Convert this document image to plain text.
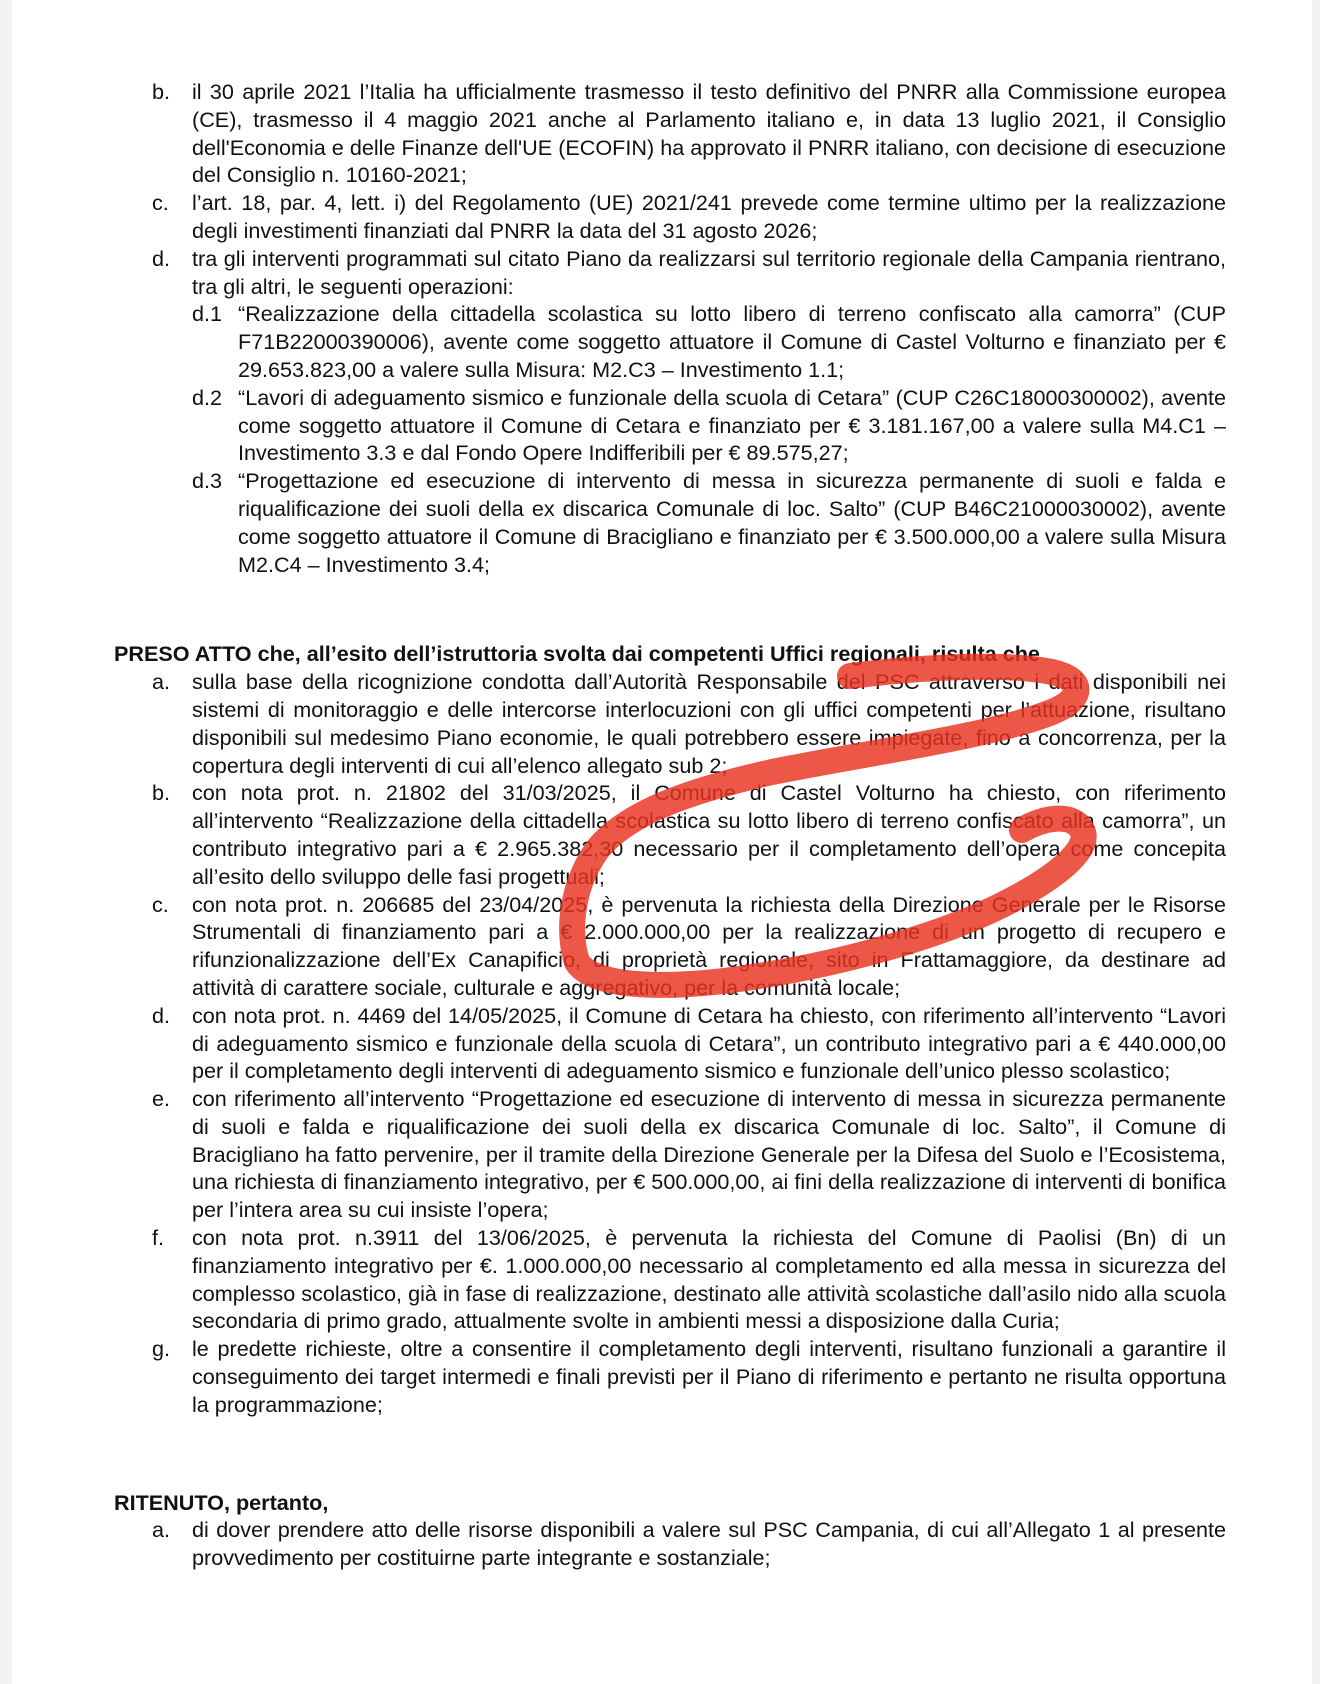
b.	il 30 aprile 2021 l’Italia ha ufficialmente trasmesso il testo definitivo del PNRR alla Commissione europea (CE), trasmesso il 4 maggio 2021 anche al Parlamento italiano e, in data 13 luglio 2021, il Consiglio dell'Economia e delle Finanze dell'UE (ECOFIN) ha approvato il PNRR italiano, con decisione di esecuzione del Consiglio n. 10160-2021;
c.	l’art. 18, par. 4, lett. i) del Regolamento (UE) 2021/241 prevede come termine ultimo per la realizzazione degli investimenti finanziati dal PNRR la data del 31 agosto 2026;
d.	tra gli interventi programmati sul citato Piano da realizzarsi sul territorio regionale della Campania rientrano, tra gli altri, le seguenti operazioni:
d.1 “Realizzazione della cittadella scolastica su lotto libero di terreno confiscato alla camorra” (CUP F71B22000390006), avente come soggetto attuatore il Comune di Castel Volturno e finanziato per € 29.653.823,00 a valere sulla Misura: M2.C3 – Investimento 1.1;
d.2 “Lavori di adeguamento sismico e funzionale della scuola di Cetara” (CUP C26C18000300002), avente come soggetto attuatore il Comune di Cetara e finanziato per € 3.181.167,00 a valere sulla M4.C1 – Investimento 3.3 e dal Fondo Opere Indifferibili per € 89.575,27;
d.3 “Progettazione ed esecuzione di intervento di messa in sicurezza permanente di suoli e falda e riqualificazione dei suoli della ex discarica Comunale di loc. Salto” (CUP B46C21000030002), avente come soggetto attuatore il Comune di Bracigliano e finanziato per € 3.500.000,00 a valere sulla Misura M2.C4 – Investimento 3.4;
PRESO ATTO che, all’esito dell’istruttoria svolta dai competenti Uffici regionali, risulta che
a.	sulla base della ricognizione condotta dall’Autorità Responsabile del PSC attraverso i dati disponibili nei sistemi di monitoraggio e delle intercorse interlocuzioni con gli uffici competenti per l’attuazione, risultano disponibili sul medesimo Piano economie, le quali potrebbero essere impiegate, fino a concorrenza, per la copertura degli interventi di cui all’elenco allegato sub 2;
b.	con nota prot. n. 21802 del 31/03/2025, il Comune di Castel Volturno ha chiesto, con riferimento all’intervento “Realizzazione della cittadella scolastica su lotto libero di terreno confiscato alla camorra”, un contributo integrativo pari a € 2.965.382,30 necessario per il completamento dell’opera come concepita all’esito dello sviluppo delle fasi progettuali;
c.	con nota prot. n. 206685 del 23/04/2025, è pervenuta la richiesta della Direzione Generale per le Risorse Strumentali di finanziamento pari a € 2.000.000,00 per la realizzazione di un progetto di recupero e rifunzionalizzazione dell’Ex Canapificio, di proprietà regionale, sito in Frattamaggiore, da destinare ad attività di carattere sociale, culturale e aggregativo, per la comunità locale;
d.	con nota prot. n. 4469 del 14/05/2025, il Comune di Cetara ha chiesto, con riferimento all’intervento “Lavori di adeguamento sismico e funzionale della scuola di Cetara”, un contributo integrativo pari a € 440.000,00 per il completamento degli interventi di adeguamento sismico e funzionale dell’unico plesso scolastico;
e.	con riferimento all’intervento “Progettazione ed esecuzione di intervento di messa in sicurezza permanente di suoli e falda e riqualificazione dei suoli della ex discarica Comunale di loc. Salto”, il Comune di Bracigliano ha fatto pervenire, per il tramite della Direzione Generale per la Difesa del Suolo e l’Ecosistema, una richiesta di finanziamento integrativo, per € 500.000,00, ai fini della realizzazione di interventi di bonifica per l’intera area su cui insiste l’opera;
f.	con nota prot. n.3911 del 13/06/2025, è pervenuta la richiesta del Comune di Paolisi (Bn) di un finanziamento integrativo per €. 1.000.000,00 necessario al completamento ed alla messa in sicurezza del complesso scolastico, già in fase di realizzazione, destinato alle attività scolastiche dall’asilo nido alla scuola secondaria di primo grado, attualmente svolte in ambienti messi a disposizione dalla Curia;
g.	le predette richieste, oltre a consentire il completamento degli interventi, risultano funzionali a garantire il conseguimento dei target intermedi e finali previsti per il Piano di riferimento e pertanto ne risulta opportuna la programmazione;
RITENUTO, pertanto,
a.	di dover prendere atto delle risorse disponibili a valere sul PSC Campania, di cui all’Allegato 1 al presente provvedimento per costituirne parte integrante e sostanziale;
